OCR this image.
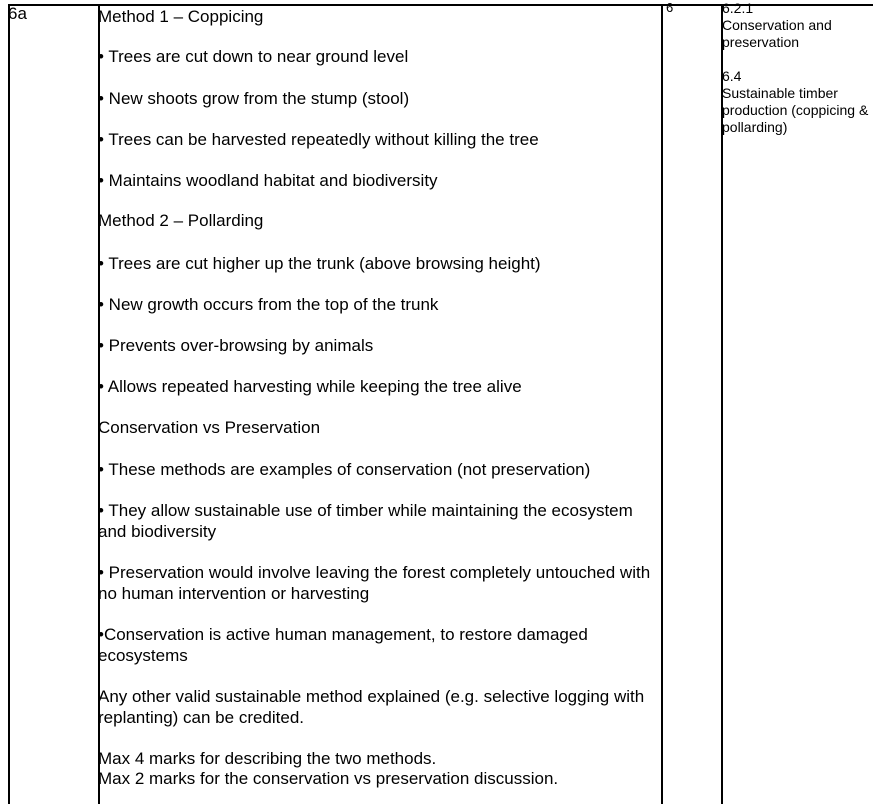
6a	Method 1 – Coppicing

• Trees are cut down to near ground level

• New shoots grow from the stump (stool)

• Trees can be harvested repeatedly without killing the tree

• Maintains woodland habitat and biodiversity

Method 2 – Pollarding

• Trees are cut higher up the trunk (above browsing height)

• New growth occurs from the top of the trunk

• Prevents over-browsing by animals

• Allows repeated harvesting while keeping the tree alive

Conservation vs Preservation

• These methods are examples of conservation (not preservation)

• They allow sustainable use of timber while maintaining the ecosystem and biodiversity

• Preservation would involve leaving the forest completely untouched with no human intervention or harvesting

•Conservation is active human management, to restore damaged ecosystems

Any other valid sustainable method explained (e.g. selective logging with replanting) can be credited.

Max 4 marks for describing the two methods.

Max 2 marks for the conservation vs preservation discussion.

6	6.2.1
Conservation and preservation
6.4
Sustainable timber production (coppicing & pollarding)
